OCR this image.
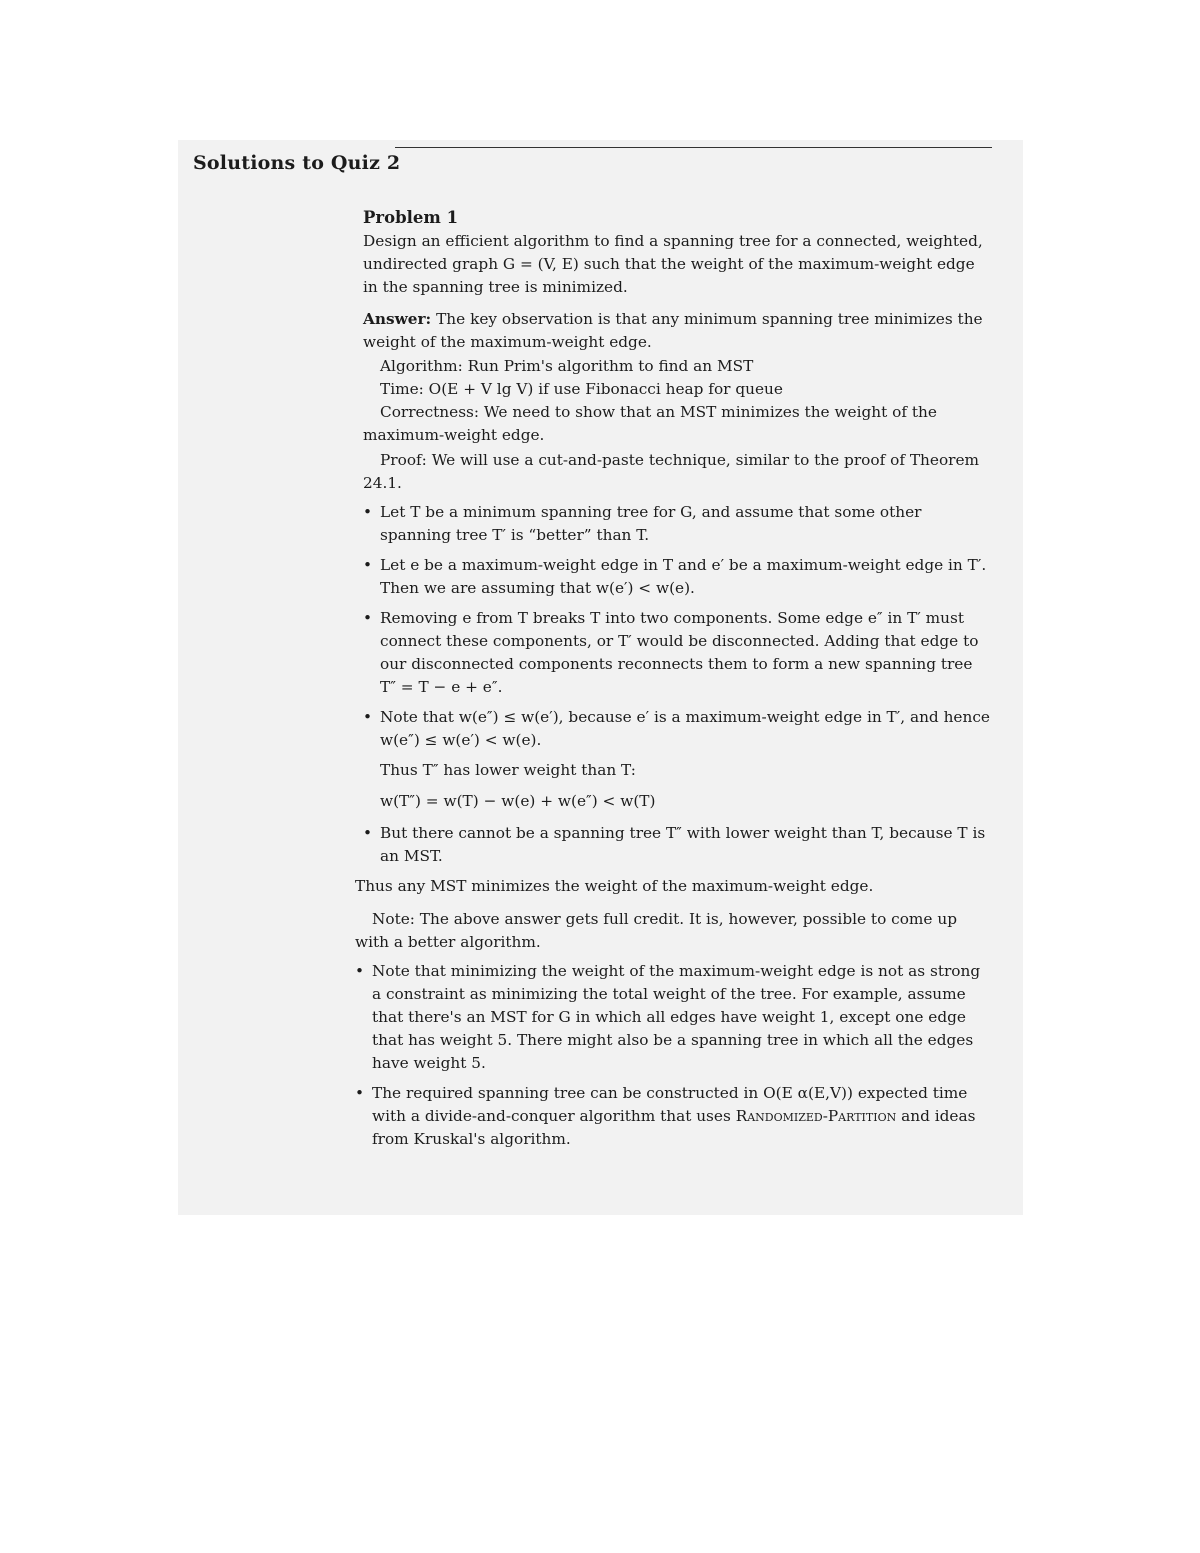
Solutions to Quiz 2
Problem 1

Design an efficient algorithm to find a spanning tree for a connected, weighted, undirected graph G = (V, E) such that the weight of the maximum-weight edge in the spanning tree is minimized.

Answer: The key observation is that any minimum spanning tree minimizes the weight of the maximum-weight edge.

Algorithm: Run Prim's algorithm to find an MST

Time: O(E + V lg V) if use Fibonacci heap for queue

Correctness: We need to show that an MST minimizes the weight of the maximum-weight edge.

Proof: We will use a cut-and-paste technique, similar to the proof of Theorem 24.1.

• Let T be a minimum spanning tree for G, and assume that some other spanning tree T′ is “better” than T.
• Let e be a maximum-weight edge in T and e′ be a maximum-weight edge in T′. Then we are assuming that w(e′) < w(e).
• Removing e from T breaks T into two components. Some edge e″ in T′ must connect these components, or T′ would be disconnected. Adding that edge to our disconnected components reconnects them to form a new spanning tree T″ = T − e + e″.
• Note that w(e″) ≤ w(e′), because e′ is a maximum-weight edge in T′, and hence w(e″) ≤ w(e′) < w(e).
Thus T″ has lower weight than T:
w(T″) = w(T) − w(e) + w(e″) < w(T)
• But there cannot be a spanning tree T″ with lower weight than T, because T is an MST.

Thus any MST minimizes the weight of the maximum-weight edge.

Note: The above answer gets full credit. It is, however, possible to come up with a better algorithm.

• Note that minimizing the weight of the maximum-weight edge is not as strong a constraint as minimizing the total weight of the tree. For example, assume that there's an MST for G in which all edges have weight 1, except one edge that has weight 5. There might also be a spanning tree in which all the edges have weight 5.
• The required spanning tree can be constructed in O(E α(E,V)) expected time with a divide-and-conquer algorithm that uses Randomized-Partition and ideas from Kruskal's algorithm.
